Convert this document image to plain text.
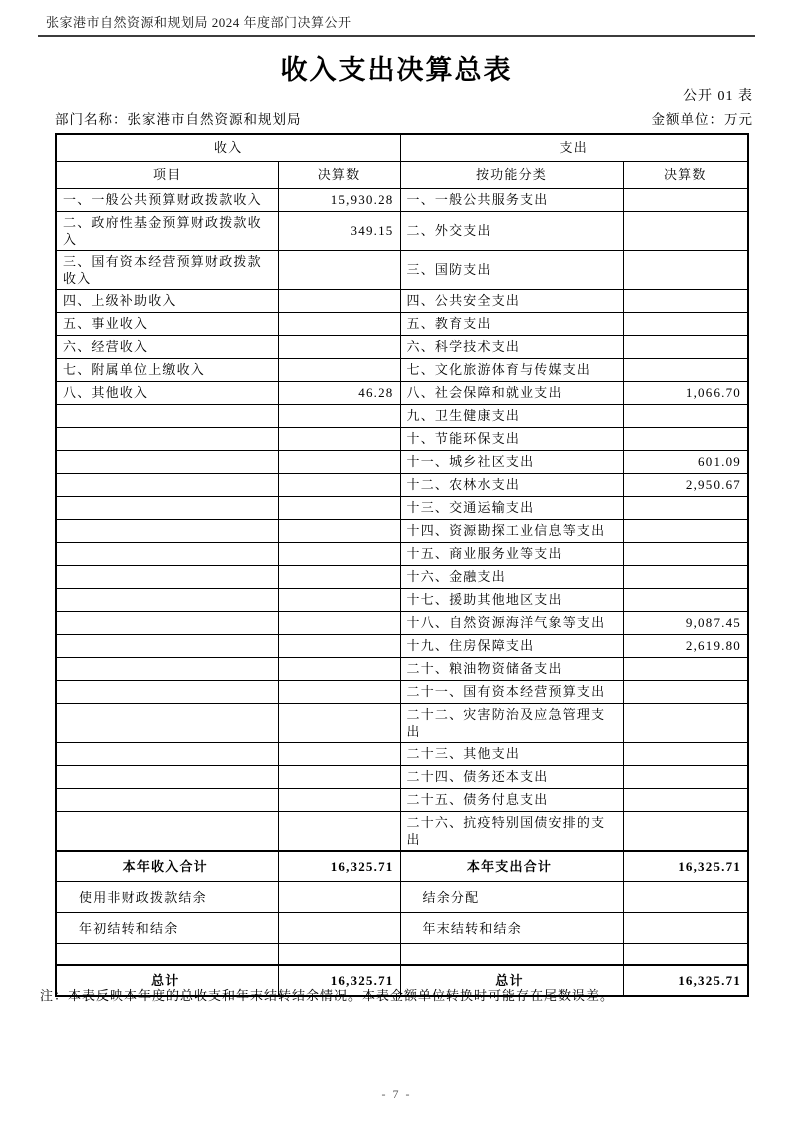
张家港市自然资源和规划局 2024 年度部门决算公开
收入支出决算总表
公开 01 表
部门名称：张家港市自然资源和规划局	金额单位：万元
收入		支出	
项目	决算数	按功能分类	决算数
一、一般公共预算财政拨款收入	15,930.28	一、一般公共服务支出	
二、政府性基金预算财政拨款收入	349.15	二、外交支出	
三、国有资本经营预算财政拨款收入		三、国防支出	
四、上级补助收入		四、公共安全支出	
五、事业收入		五、教育支出	
六、经营收入		六、科学技术支出	
七、附属单位上缴收入		七、文化旅游体育与传媒支出	
八、其他收入	46.28	八、社会保障和就业支出	1,066.70
		九、卫生健康支出	
		十、节能环保支出	
		十一、城乡社区支出	601.09
		十二、农林水支出	2,950.67
		十三、交通运输支出	
		十四、资源勘探工业信息等支出	
		十五、商业服务业等支出	
		十六、金融支出	
		十七、援助其他地区支出	
		十八、自然资源海洋气象等支出	9,087.45
		十九、住房保障支出	2,619.80
		二十、粮油物资储备支出	
		二十一、国有资本经营预算支出	
		二十二、灾害防治及应急管理支出	
		二十三、其他支出	
		二十四、债务还本支出	
		二十五、债务付息支出	
		二十六、抗疫特别国债安排的支出	
本年收入合计	16,325.71	本年支出合计	16,325.71
使用非财政拨款结余		结余分配	
年初结转和结余		年末结转和结余	

总计	16,325.71	总计	16,325.71
注：本表反映本年度的总收支和年末结转结余情况。本表金额单位转换时可能存在尾数误差。
- 7 -
